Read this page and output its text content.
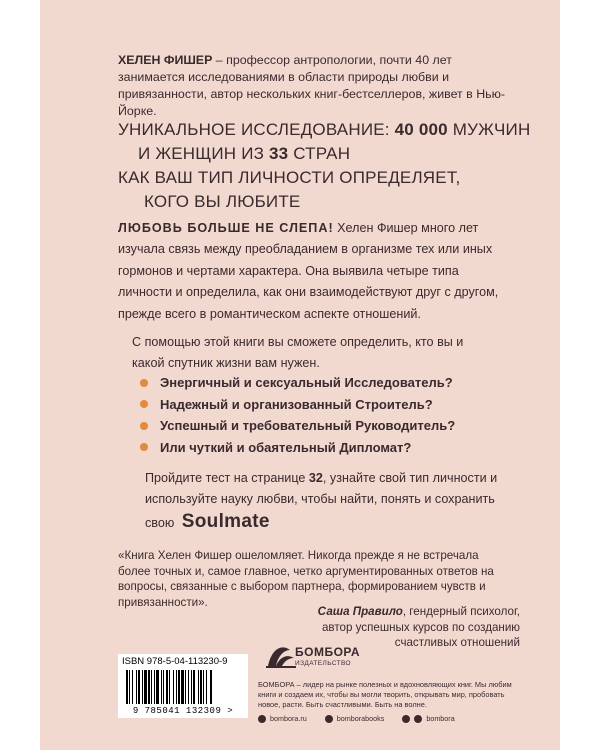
ХЕЛЕН ФИШЕР – профессор антропологии, почти 40 лет занимается исследованиями в области природы любви и привязанности, автор нескольких книг-бестселлеров, живет в Нью-Йорке.
УНИКАЛЬНОЕ ИССЛЕДОВАНИЕ: 40 000 МУЖЧИН
И ЖЕНЩИН ИЗ 33 СТРАН
КАК ВАШ ТИП ЛИЧНОСТИ ОПРЕДЕЛЯЕТ,
КОГО ВЫ ЛЮБИТЕ
ЛЮБОВЬ БОЛЬШЕ НЕ СЛЕПА! Хелен Фишер много лет изучала связь между преобладанием в организме тех или иных гормонов и чертами характера. Она выявила четыре типа личности и определила, как они взаимодействуют друг с другом, прежде всего в романтическом аспекте отношений.
С помощью этой книги вы сможете определить, кто вы и какой спутник жизни вам нужен.
Энергичный и сексуальный Исследователь?
Надежный и организованный Строитель?
Успешный и требовательный Руководитель?
Или чуткий и обаятельный Дипломат?
Пройдите тест на странице 32, узнайте свой тип личности и используйте науку любви, чтобы найти, понять и сохранить свою Soulmate
«Книга Хелен Фишер ошеломляет. Никогда прежде я не встречала более точных и, самое главное, четко аргументированных ответов на вопросы, связанные с выбором партнера, формированием чувств и привязанности».
Саша Правило, гендерный психолог, автор успешных курсов по созданию счастливых отношений
ISBN 978-5-04-113230-9
9 785041 132309 >
БОМБОРА
ИЗДАТЕЛЬСТВО
БОМБОРА – лидер на рынке полезных и вдохновляющих книг. Мы любим книги и создаем их, чтобы вы могли творить, открывать мир, пробовать новое, расти. Быть счастливыми. Быть на волне.
bombora.ru	bomborabooks	bombora
